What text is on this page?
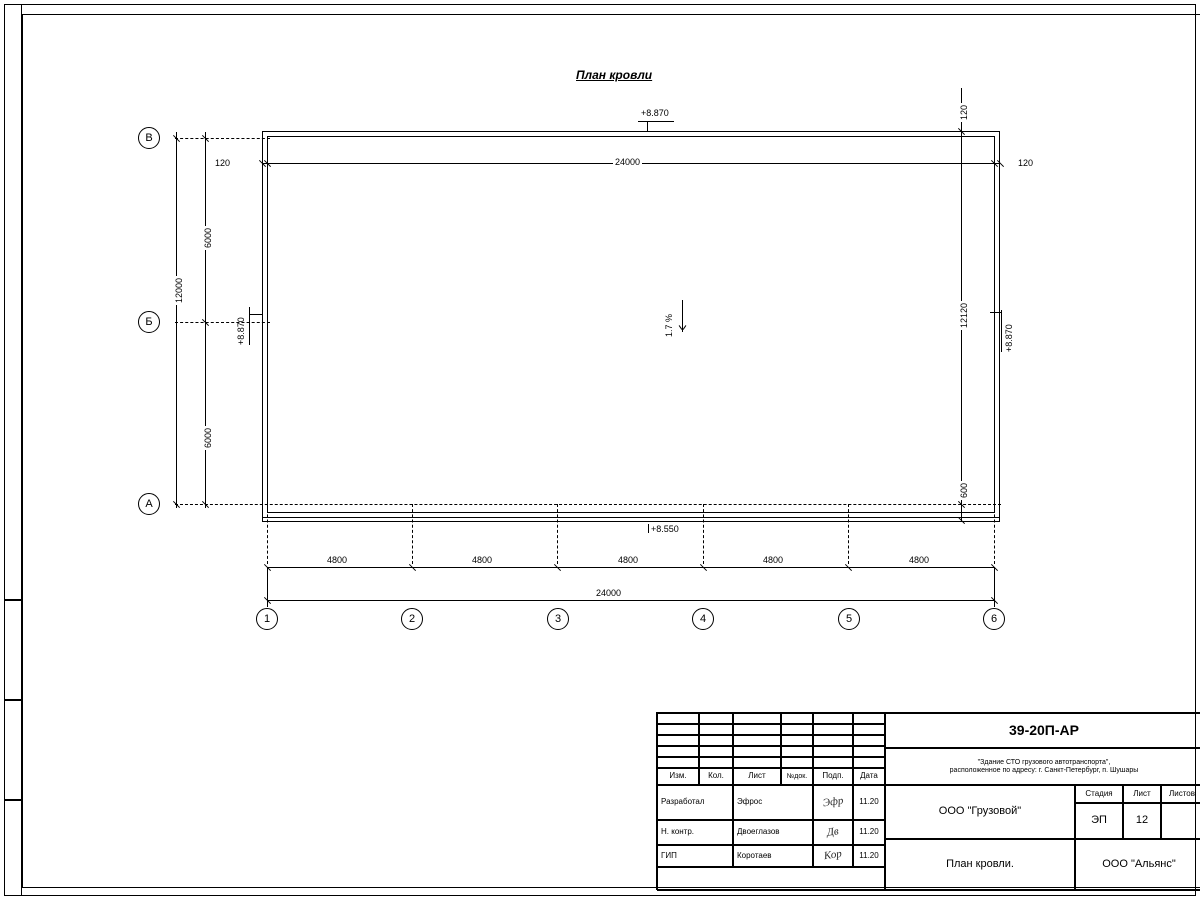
План кровли
120	24000	120
+8.870
1.7 %
12000
6000
6000
+8.870
120
12120
600
+8.870
+8.550
4800	4800	4800	4800	4800
24000
В
Б
А
1	2	3	4	5	6
Изм.	Кол.	Лист	№док.	Подп.	Дата
Разработал	Эфрос	Эфр	11.20
Н. контр.	Двоеглазов	Дв	11.20
ГИП	Коротаев	Кор	11.20
39-20П-АР
"Здание СТО грузового автотранспорта",
расположенное по адресу: г. Санкт-Петербург, п. Шушары
ООО "Грузовой"
Стадия	Лист	Листов
ЭП	12
План кровли.	ООО "Альянс"
